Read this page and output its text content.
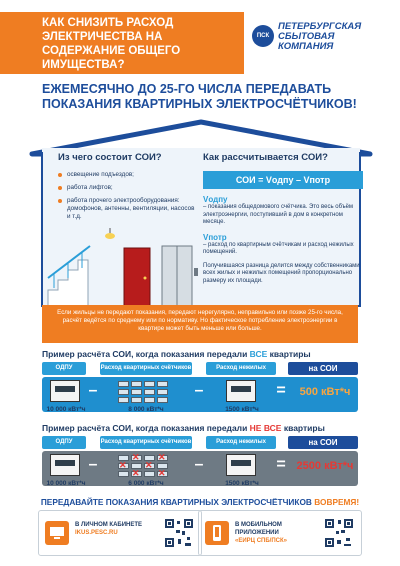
КАК СНИЗИТЬ РАСХОД ЭЛЕКТРИЧЕСТВА НА СОДЕРЖАНИЕ ОБЩЕГО ИМУЩЕСТВА?
ПСК
ПЕТЕРБУРГСКАЯ СБЫТОВАЯ КОМПАНИЯ
ЕЖЕМЕСЯЧНО ДО 25-ГО ЧИСЛА ПЕРЕДАВАТЬ ПОКАЗАНИЯ КВАРТИРНЫХ ЭЛЕКТРОСЧЁТЧИКОВ!
Из чего состоит СОИ?
освещение подъездов;
работа лифтов;
работа прочего электрооборудования: домофонов, антенны, вентиляции, насосов и т.д.
Как рассчитывается СОИ?
СОИ = Vодпу – Vпотр
Vодпу
– показания общедомового счётчика. Это весь объём электроэнергии, поступивший в дом в конкретном месяце.
Vпотр
– расход по квартирным счётчикам и расход нежилых помещений.
Получившаяся разница делится между собственниками всех жилых и нежилых помещений пропорционально размеру их площади.
Если жильцы не передают показания, передают нерегулярно, неправильно или позже 25-го числа, расчёт ведётся по среднему или по нормативу. Но фактическое потребление электроэнергии в квартире может быть меньше или больше.
Пример расчёта СОИ, когда показания передали ВСЕ квартиры
ОДПУ	Расход квартирных счётчиков	Расход нежилых	на СОИ
10 000 кВт*ч
–
8 000 кВт*ч
–
1500 кВт*ч
=	500 кВт*ч
Пример расчёта СОИ, когда показания передали НЕ ВСЕ квартиры
ОДПУ	Расход квартирных счётчиков	Расход нежилых	на СОИ
10 000 кВт*ч
–
✕
✕
✕
✕
✕
✕
6 000 кВт*ч
–
1500 кВт*ч
= 2500 кВт*ч
ПЕРЕДАВАЙТЕ ПОКАЗАНИЯ КВАРТИРНЫХ ЭЛЕКТРОСЧЁТЧИКОВ ВОВРЕМЯ!
В ЛИЧНОМ КАБИНЕТЕ
IKUS.PESC.RU
В МОБИЛЬНОМ ПРИЛОЖЕНИИ
«ЕИРЦ СПБ/ПСК»
